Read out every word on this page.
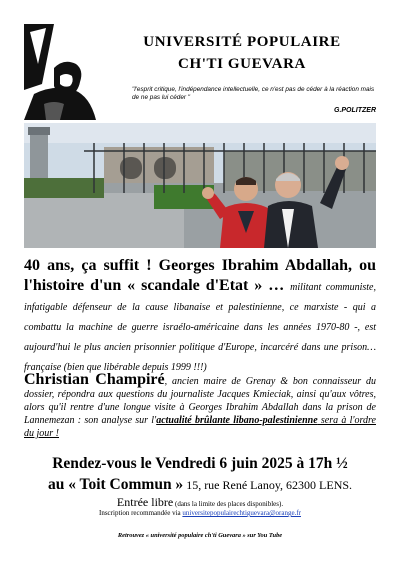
UNIVERSITÉ POPULAIRE
CH'TI GUEVARA
"l'esprit critique, l'indépendance intellectuelle, ce n'est pas de céder à la réaction mais de ne pas lui céder "
G.POLITZER
40 ans, ça suffit ! Georges Ibrahim Abdallah, ou l'histoire d'un « scandale d'Etat » … militant communiste, infatigable défenseur de la cause libanaise et palestinienne, ce marxiste - qui a combattu la machine de guerre israélo-américaine dans les années 1970-80 -, est aujourd'hui le plus ancien prisonnier politique d'Europe, incarcéré dans une prison… française (bien que libérable depuis 1999 !!!)
Christian Champiré, ancien maire de Grenay & bon connaisseur du dossier, répondra aux questions du journaliste Jacques Kmieciak, ainsi qu'aux vôtres, alors qu'il rentre d'une longue visite à Georges Ibrahim Abdallah dans la prison de Lannemezan : son analyse sur l'actualité brûlante libano-palestinienne sera à l'ordre du jour !
Rendez-vous le Vendredi 6 juin 2025 à 17h ½
au « Toit Commun » 15, rue René Lanoy, 62300 LENS.
Entrée libre (dans la limite des places disponibles).
Inscription recommandée via universitepopulairechtiguevara@orange.fr
Retrouvez « université populaire ch'ti Guevara » sur You Tube
